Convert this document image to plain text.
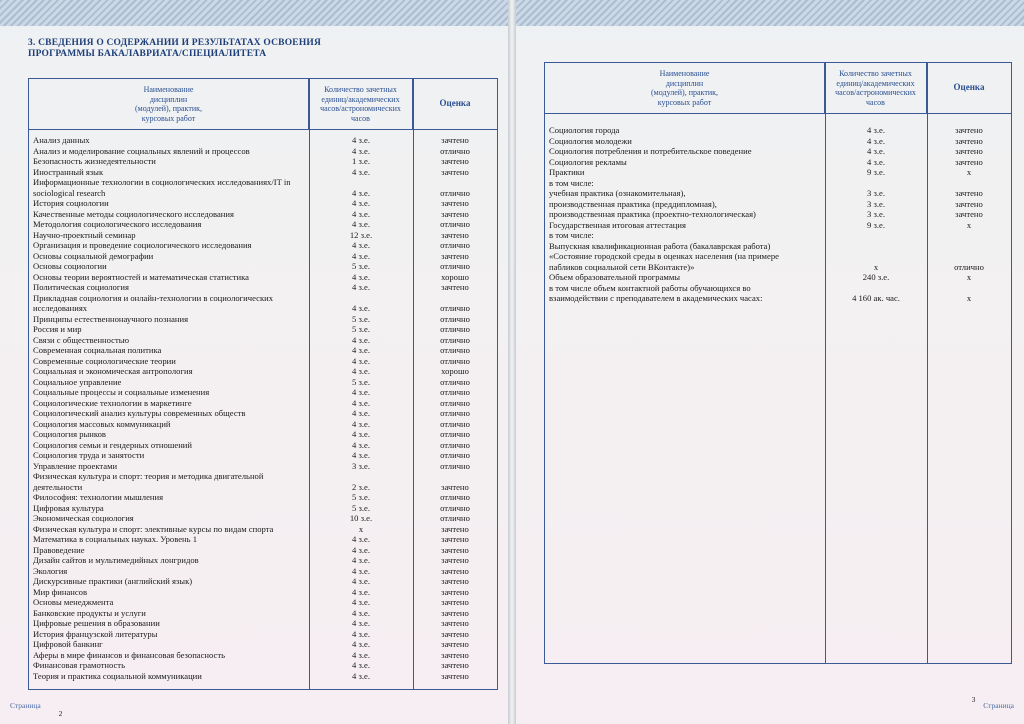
3. СВЕДЕНИЯ О СОДЕРЖАНИИ И РЕЗУЛЬТАТАХ ОСВОЕНИЯ
ПРОГРАММЫ БАКАЛАВРИАТА/СПЕЦИАЛИТЕТА
Наименование
дисциплин
(модулей), практик,
курсовых работ
Количество зачетных
единиц/академических
часов/астрономических
часов
Оценка
Анализ данных	4 з.е.	зачтено
Анализ и моделирование социальных явлений и процессов	4 з.е.	отлично
Безопасность жизнедеятельности	1 з.е.	зачтено
Иностранный язык	4 з.е.	зачтено
Информационные технологии в социологических исследованиях/IT in
sociological research	4 з.е.	отлично
История социологии	4 з.е.	зачтено
Качественные методы социологического исследования	4 з.е.	зачтено
Методология социологического исследования	4 з.е.	отлично
Научно-проектный семинар	12 з.е.	зачтено
Организация и проведение социологического исследования	4 з.е.	отлично
Основы социальной демографии	4 з.е.	зачтено
Основы социологии	5 з.е.	отлично
Основы теории вероятностей и математическая статистика	4 з.е.	хорошо
Политическая социология	4 з.е.	зачтено
Прикладная социология и онлайн-технологии в социологических
исследованиях	4 з.е.	отлично
Принципы естественнонаучного познания	5 з.е.	отлично
Россия и мир	5 з.е.	отлично
Связи с общественностью	4 з.е.	отлично
Современная социальная политика	4 з.е.	отлично
Современные социологические теории	4 з.е.	отлично
Социальная и экономическая антропология	4 з.е.	хорошо
Социальное управление	5 з.е.	отлично
Социальные процессы и социальные изменения	4 з.е.	отлично
Социологические технологии в маркетинге	4 з.е.	отлично
Социологический анализ культуры современных обществ	4 з.е.	отлично
Социология массовых коммуникаций	4 з.е.	отлично
Социология рынков	4 з.е.	отлично
Социология семьи и гендерных отношений	4 з.е.	отлично
Социология труда и занятости	4 з.е.	отлично
Управление проектами	3 з.е.	отлично
Физическая культура и спорт: теория и методика двигательной
деятельности	2 з.е.	зачтено
Философия: технологии мышления	5 з.е.	отлично
Цифровая культура	5 з.е.	отлично
Экономическая социология	10 з.е.	отлично
Физическая культура и спорт: элективные курсы по видам спорта	х	зачтено
Математика в социальных науках. Уровень 1	4 з.е.	зачтено
Правоведение	4 з.е.	зачтено
Дизайн сайтов и мультимедийных лонгридов	4 з.е.	зачтено
Экология	4 з.е.	зачтено
Дискурсивные практики (английский язык)	4 з.е.	зачтено
Мир финансов	4 з.е.	зачтено
Основы менеджмента	4 з.е.	зачтено
Банковские продукты и услуги	4 з.е.	зачтено
Цифровые решения в образовании	4 з.е.	зачтено
История французской литературы	4 з.е.	зачтено
Цифровой банкинг	4 з.е.	зачтено
Аферы в мире финансов и финансовая безопасность	4 з.е.	зачтено
Финансовая грамотность	4 з.е.	зачтено
Теория и практика социальной коммуникации	4 з.е.	зачтено
Страница 2
Наименование
дисциплин
(модулей), практик,
курсовых работ
Количество зачетных
единиц/академических
часов/астрономических
часов
Оценка
Социология города	4 з.е.	зачтено
Социология молодежи	4 з.е.	зачтено
Социология потребления и потребительское поведение	4 з.е.	зачтено
Социология рекламы	4 з.е.	зачтено
Практики	9 з.е.	х
в том числе:
учебная практика (ознакомительная),	3 з.е.	зачтено
производственная практика (преддипломная),	3 з.е.	зачтено
производственная практика (проектно-технологическая)	3 з.е.	зачтено
Государственная итоговая аттестация	9 з.е.	х
в том числе:
Выпускная квалификационная работа (бакалаврская работа)
«Состояние городской среды в оценках населения (на примере
пабликов социальной сети ВКонтакте)»	х	отлично
Объем образовательной программы	240 з.е.	х
в том числе объем контактной работы обучающихся во
взаимодействии с преподавателем в академических часах:	4 160 ак. час.	х
3 Страница
